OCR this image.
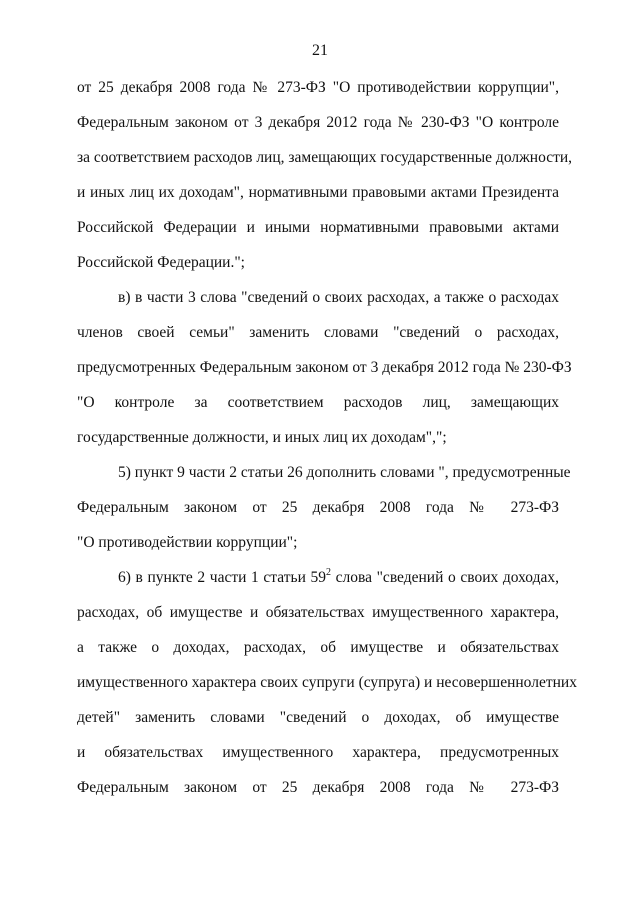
21
от 25 декабря 2008 года № 273-ФЗ "О противодействии коррупции",
Федеральным законом от 3 декабря 2012 года № 230-ФЗ "О контроле
за соответствием расходов лиц, замещающих государственные должности,
и иных лиц их доходам", нормативными правовыми актами Президента
Российской Федерации и иными нормативными правовыми актами
Российской Федерации.";
в) в части 3 слова "сведений о своих расходах, а также о расходах
членов своей семьи" заменить словами "сведений о расходах,
предусмотренных Федеральным законом от 3 декабря 2012 года № 230-ФЗ
"О контроле за соответствием расходов лиц, замещающих
государственные должности, и иных лиц их доходам",";
5) пункт 9 части 2 статьи 26 дополнить словами ", предусмотренные
Федеральным законом от 25 декабря 2008 года № 273-ФЗ
"О противодействии коррупции";
6) в пункте 2 части 1 статьи $59^2$ слова "сведений о своих доходах,
расходах, об имуществе и обязательствах имущественного характера,
а также о доходах, расходах, об имуществе и обязательствах
имущественного характера своих супруги (супруга) и несовершеннолетних
детей" заменить словами "сведений о доходах, об имуществе
и обязательствах имущественного характера, предусмотренных
Федеральным законом от 25 декабря 2008 года № 273-ФЗ
